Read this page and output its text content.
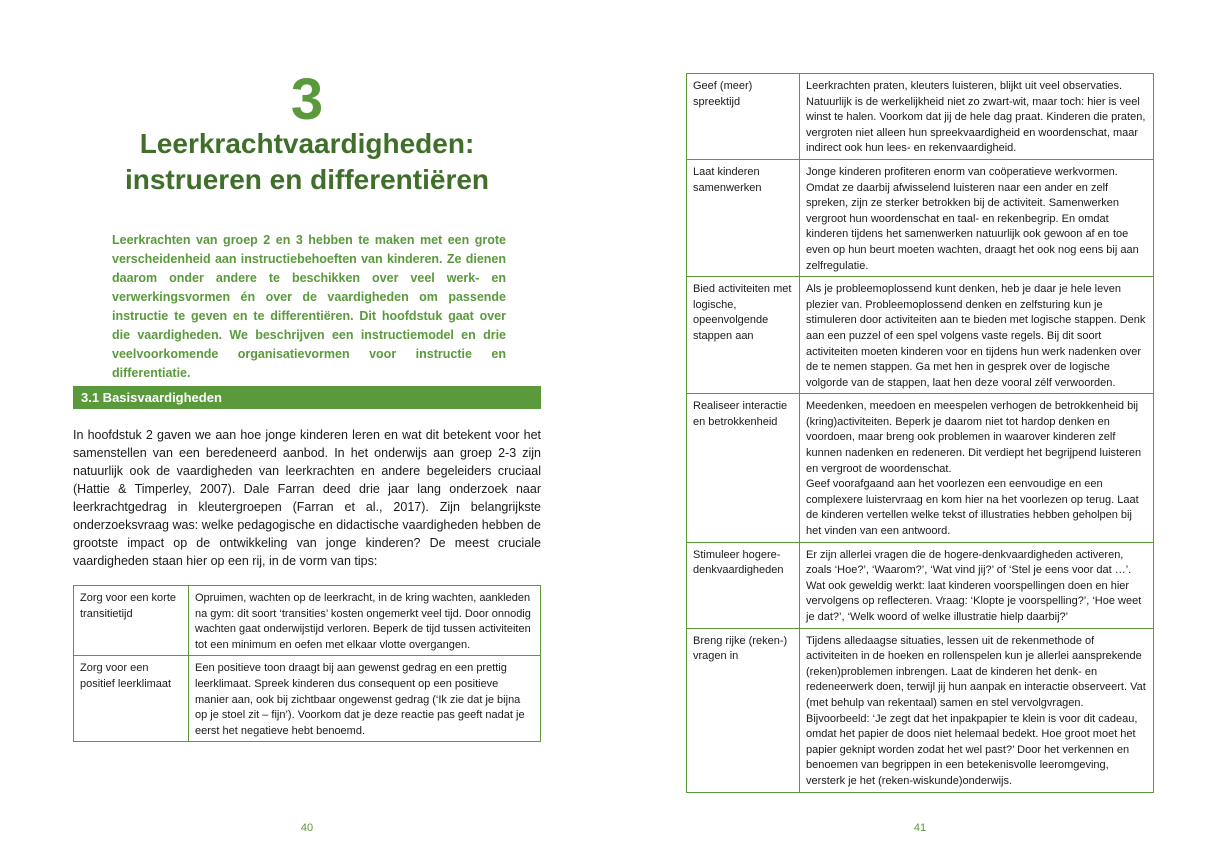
3
Leerkrachtvaardigheden:
instrueren en differentiëren

Leerkrachten van groep 2 en 3 hebben te maken met een grote verscheidenheid aan instructiebehoeften van kinderen. Ze dienen daarom onder andere te beschikken over veel werk- en verwerkingsvormen én over de vaardigheden om passende instructie te geven en te differentiëren. Dit hoofdstuk gaat over die vaardigheden. We beschrijven een instructiemodel en drie veelvoorkomende organisatievormen voor instructie en differentiatie.

3.1 Basisvaardigheden

In hoofdstuk 2 gaven we aan hoe jonge kinderen leren en wat dit betekent voor het samenstellen van een beredeneerd aanbod. In het onderwijs aan groep 2-3 zijn natuurlijk ook de vaardigheden van leerkrachten en andere begeleiders cruciaal (Hattie & Timperley, 2007). Dale Farran deed drie jaar lang onderzoek naar leerkrachtgedrag in kleutergroepen (Farran et al., 2017). Zijn belangrijkste onderzoeksvraag was: welke pedagogische en didactische vaardigheden hebben de grootste impact op de ontwikkeling van jonge kinderen? De meest cruciale vaardigheden staan hier op een rij, in de vorm van tips:

Zorg voor een korte transitietijd	Opruimen, wachten op de leerkracht, in de kring wachten, aankleden na gym: dit soort ‘transities’ kosten ongemerkt veel tijd. Door onnodig wachten gaat onderwijstijd verloren. Beperk de tijd tussen activiteiten tot een minimum en oefen met elkaar vlotte overgangen.
Zorg voor een positief leerklimaat	Een positieve toon draagt bij aan gewenst gedrag en een prettig leerklimaat. Spreek kinderen dus consequent op een positieve manier aan, ook bij zichtbaar ongewenst gedrag (‘Ik zie dat je bijna op je stoel zit – fijn’). Voorkom dat je deze reactie pas geeft nadat je eerst het negatieve hebt benoemd.
40
Geef (meer) spreektijd	Leerkrachten praten, kleuters luisteren, blijkt uit veel observaties. Natuurlijk is de werkelijkheid niet zo zwart-wit, maar toch: hier is veel winst te halen. Voorkom dat jij de hele dag praat. Kinderen die praten, vergroten niet alleen hun spreekvaardigheid en woordenschat, maar indirect ook hun lees- en rekenvaardigheid.
Laat kinderen samenwerken	Jonge kinderen profiteren enorm van coöperatieve werkvormen. Omdat ze daarbij afwisselend luisteren naar een ander en zelf spreken, zijn ze sterker betrokken bij de activiteit. Samenwerken vergroot hun woordenschat en taal- en rekenbegrip. En omdat kinderen tijdens het samenwerken natuurlijk ook gewoon af en toe even op hun beurt moeten wachten, draagt het ook nog eens bij aan zelfregulatie.
Bied activiteiten met logische, opeenvolgende stappen aan	Als je probleemoplossend kunt denken, heb je daar je hele leven plezier van. Probleemoplossend denken en zelfsturing kun je stimuleren door activiteiten aan te bieden met logische stappen. Denk aan een puzzel of een spel volgens vaste regels. Bij dit soort activiteiten moeten kinderen voor en tijdens hun werk nadenken over de te nemen stappen. Ga met hen in gesprek over de logische volgorde van de stappen, laat hen deze vooral zélf verwoorden.
Realiseer interactie en betrokkenheid	Meedenken, meedoen en meespelen verhogen de betrokkenheid bij (kring)activiteiten. Beperk je daarom niet tot hardop denken en voordoen, maar breng ook problemen in waarover kinderen zelf kunnen nadenken en redeneren. Dit verdiept het begrijpend luisteren en vergroot de woordenschat.
Geef voorafgaand aan het voorlezen een eenvoudige en een complexere luistervraag en kom hier na het voorlezen op terug. Laat de kinderen vertellen welke tekst of illustraties hebben geholpen bij het vinden van een antwoord.

Stimuleer hogere-denkvaardigheden	Er zijn allerlei vragen die de hogere-denkvaardigheden activeren, zoals ‘Hoe?’, ‘Waarom?’, ‘Wat vind jij?’ of ‘Stel je eens voor dat …’. Wat ook geweldig werkt: laat kinderen voorspellingen doen en hier vervolgens op reflecteren. Vraag: ‘Klopte je voorspelling?’, ‘Hoe weet je dat?’, ‘Welk woord of welke illustratie hielp daarbij?’
Breng rijke (reken-) vragen in	Tijdens alledaagse situaties, lessen uit de rekenmethode of activiteiten in de hoeken en rollenspelen kun je allerlei aansprekende (reken)problemen inbrengen. Laat de kinderen het denk- en redeneerwerk doen, terwijl jij hun aanpak en interactie observeert. Vat (met behulp van rekentaal) samen en stel vervolgvragen. Bijvoorbeeld: ‘Je zegt dat het inpakpapier te klein is voor dit cadeau, omdat het papier de doos niet helemaal bedekt. Hoe groot moet het papier geknipt worden zodat het wel past?’ Door het verkennen en benoemen van begrippen in een betekenisvolle leeromgeving, versterk je het (reken-wiskunde)onderwijs.
41
